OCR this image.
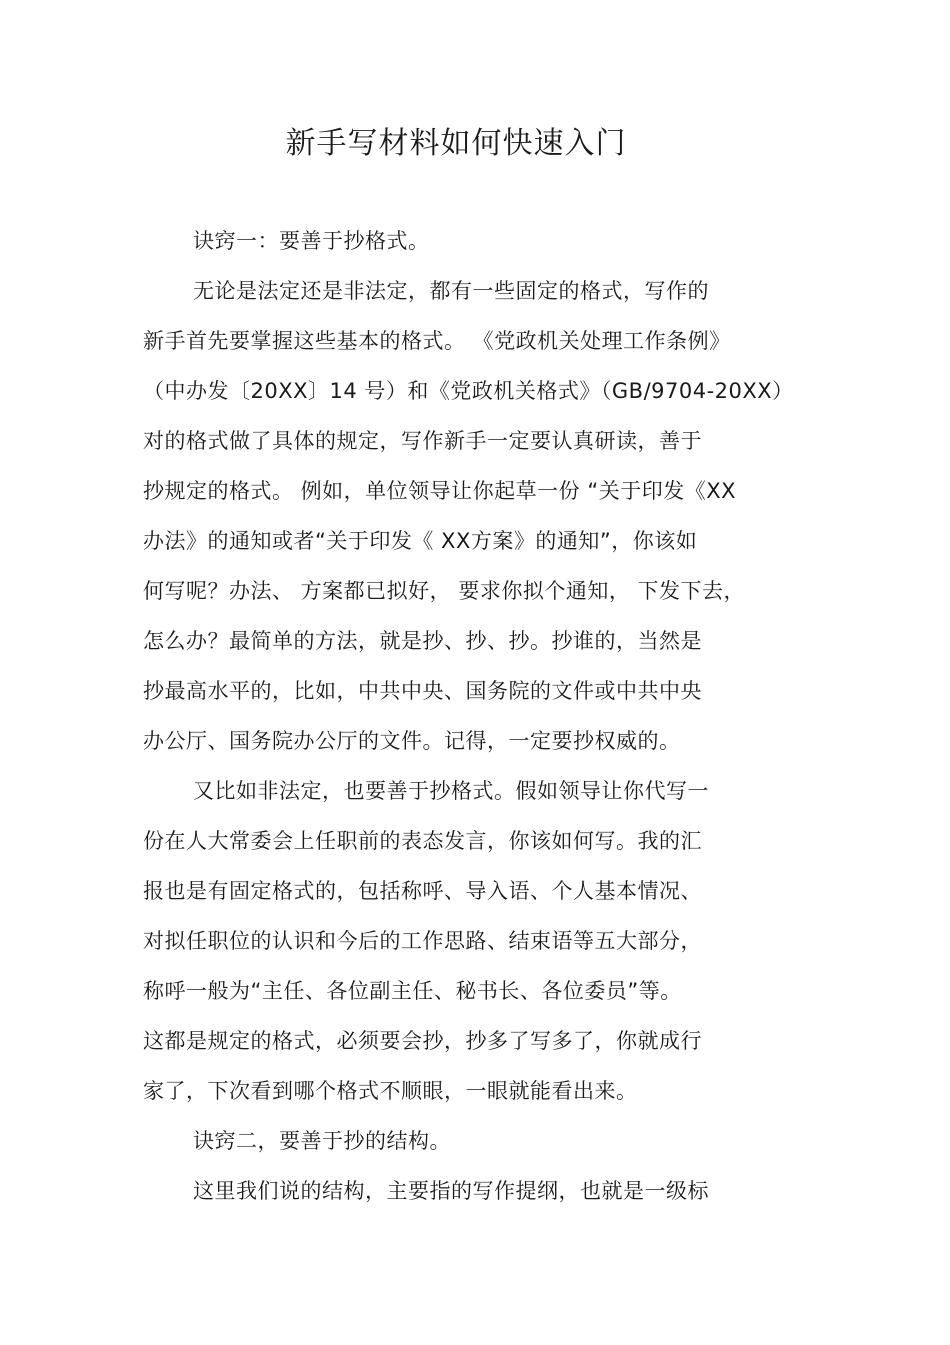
新手写材料如何快速入门
诀窍一：要善于抄格式。
无论是法定还是非法定，都有一些固定的格式，写作的
新手首先要掌握这些基本的格式。 《党政机关处理工作条例》
（中办发〔20XX〕14 号）和《党政机关格式》（GB/9704-20XX）
对的格式做了具体的规定，写作新手一定要认真研读，善于
抄规定的格式。 例如，单位领导让你起草一份 “关于印发《XX
办法》的通知或者“关于印发《 XX方案》的通知”，你该如
何写呢？办法、 方案都已拟好， 要求你拟个通知， 下发下去，
怎么办？最简单的方法，就是抄、抄、抄。抄谁的，当然是
抄最高水平的，比如，中共中央、国务院的文件或中共中央
办公厅、国务院办公厅的文件。记得，一定要抄权威的。
又比如非法定，也要善于抄格式。假如领导让你代写一
份在人大常委会上任职前的表态发言，你该如何写。我的汇
报也是有固定格式的，包括称呼、导入语、个人基本情况、
对拟任职位的认识和今后的工作思路、结束语等五大部分，
称呼一般为“主任、各位副主任、秘书长、各位委员”等。
这都是规定的格式，必须要会抄，抄多了写多了，你就成行
家了，下次看到哪个格式不顺眼，一眼就能看出来。
诀窍二，要善于抄的结构。
这里我们说的结构，主要指的写作提纲，也就是一级标
